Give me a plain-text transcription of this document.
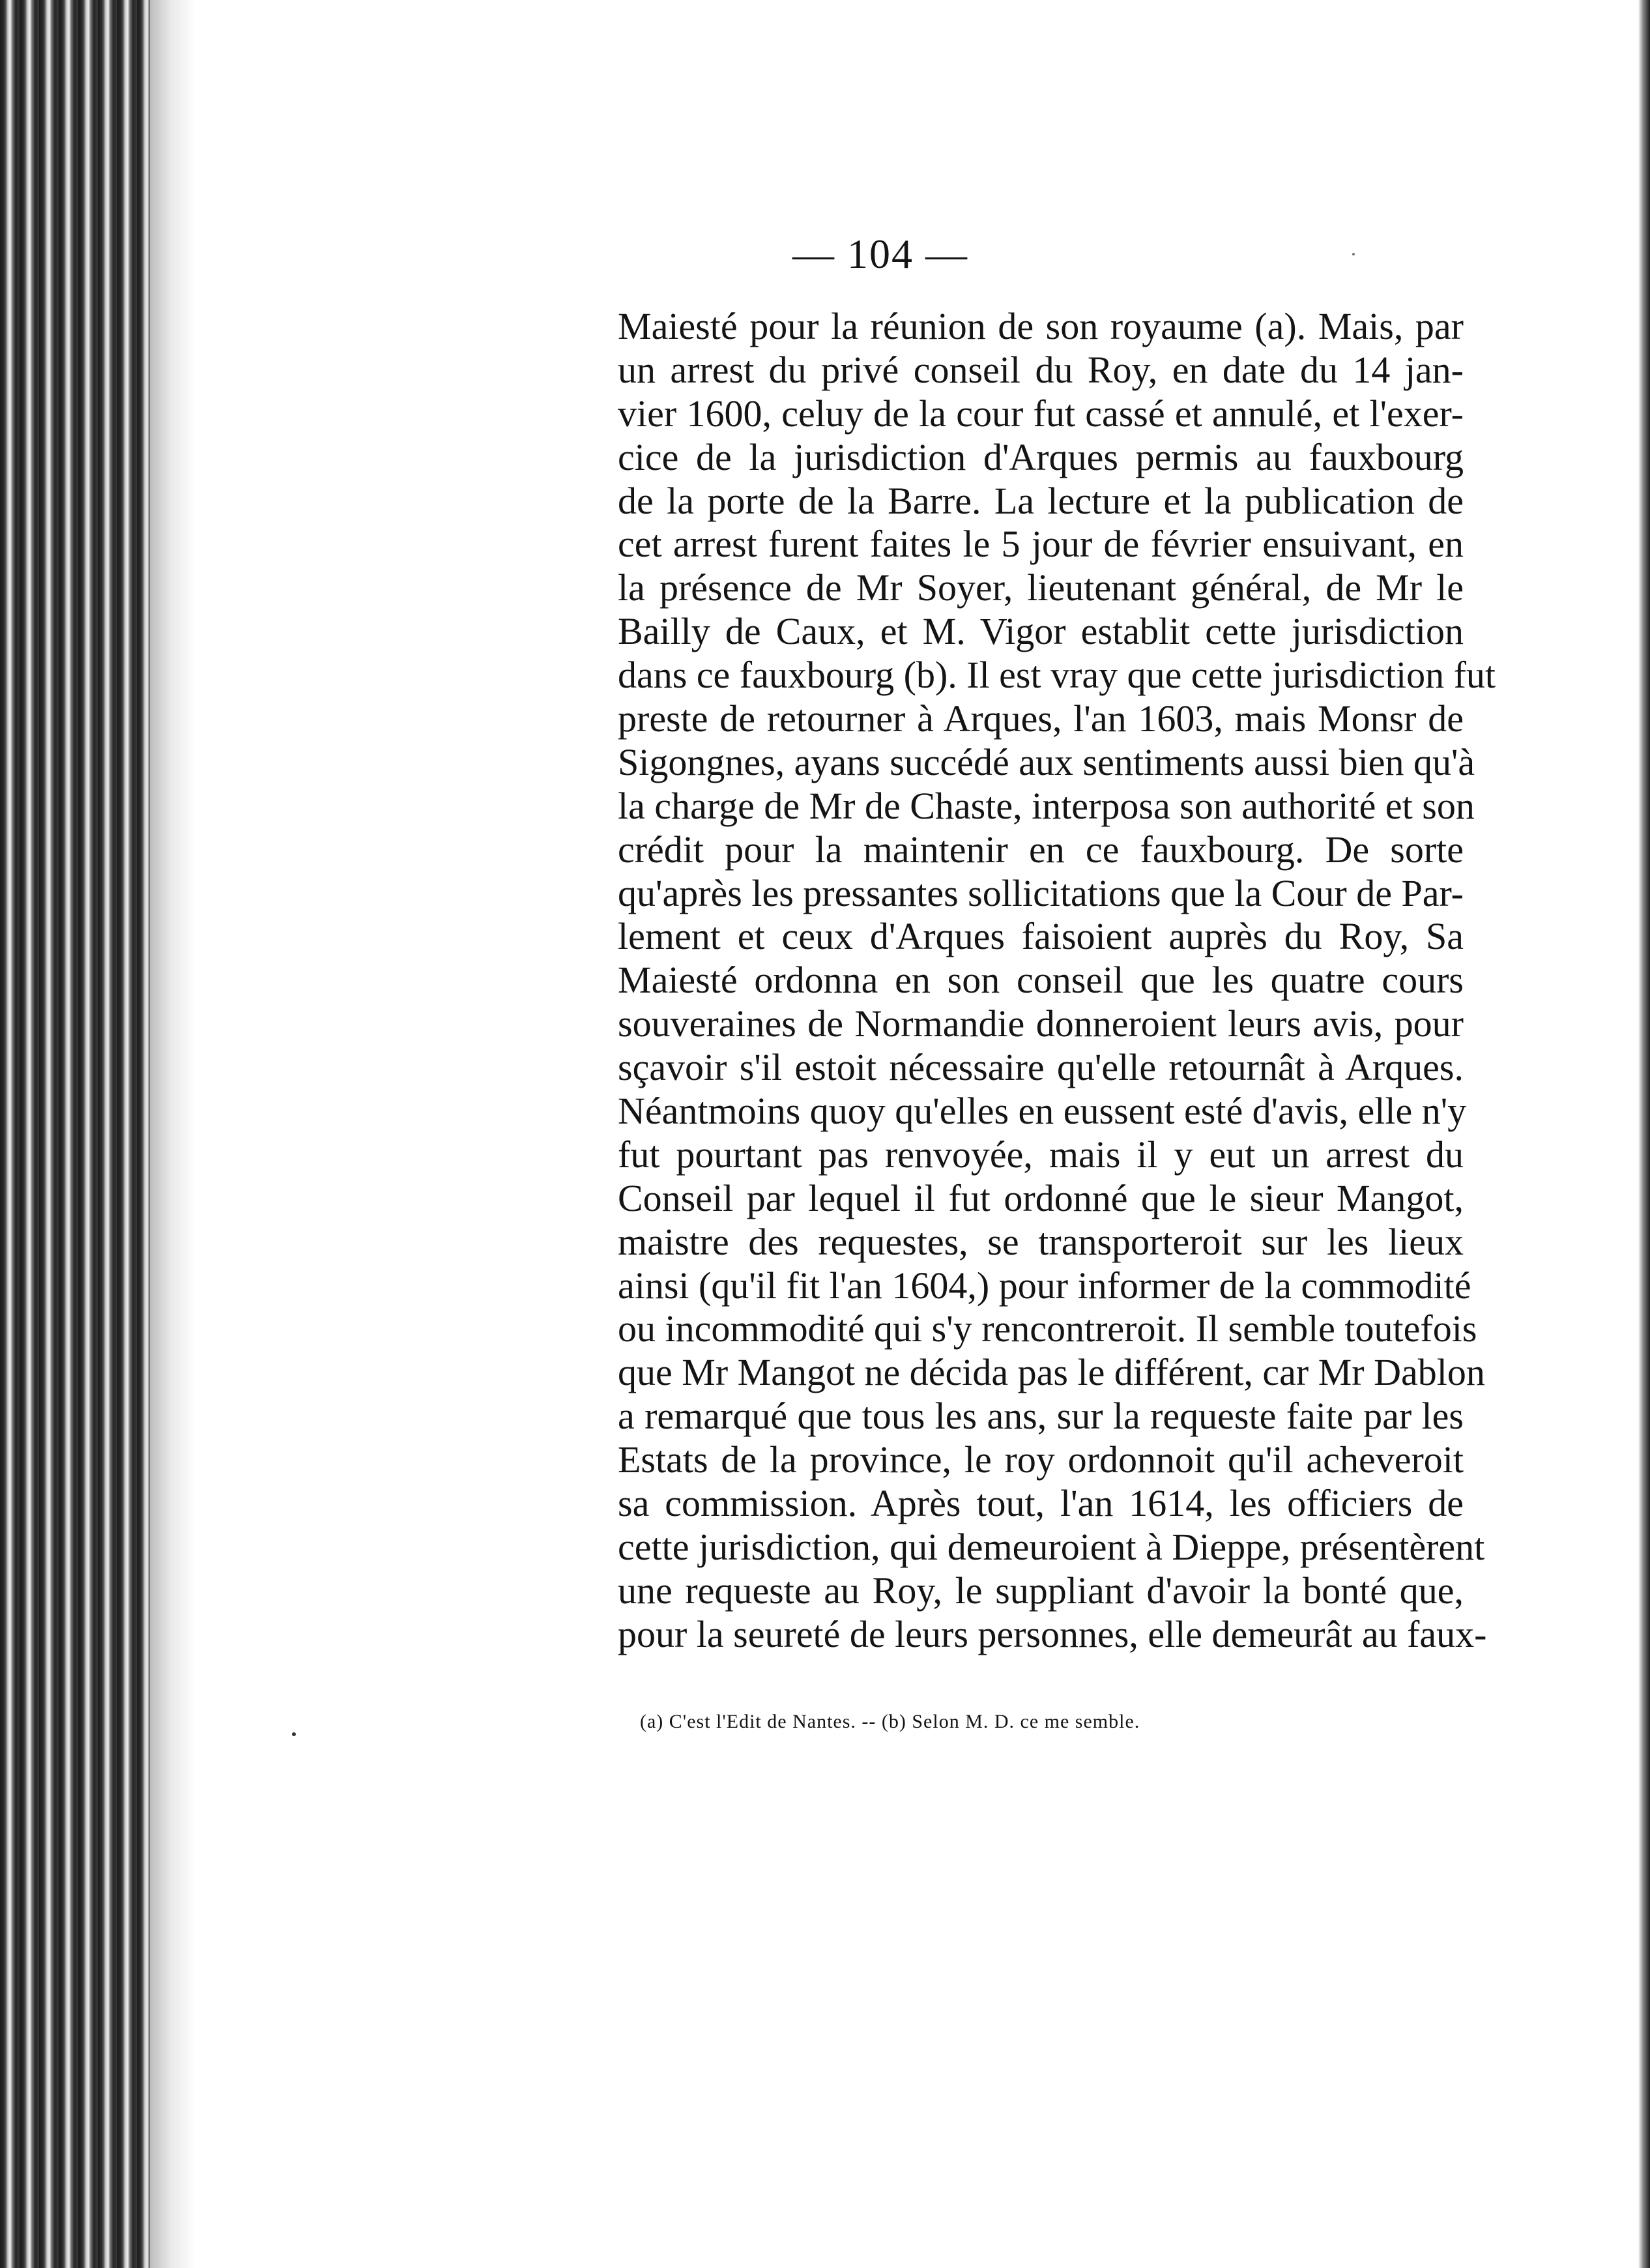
— 104 —
Maiesté pour la réunion de son royaume (a). Mais, par
un arrest du privé conseil du Roy, en date du 14 jan-
vier 1600, celuy de la cour fut cassé et annulé, et l'exer-
cice de la jurisdiction d'Arques permis au fauxbourg
de la porte de la Barre. La lecture et la publication de
cet arrest furent faites le 5 jour de février ensuivant, en
la présence de Mr Soyer, lieutenant général, de Mr le
Bailly de Caux, et M. Vigor establit cette jurisdiction
dans ce fauxbourg (b). Il est vray que cette jurisdiction fut
preste de retourner à Arques, l'an 1603, mais Monsr de
Sigongnes, ayans succédé aux sentiments aussi bien qu'à
la charge de Mr de Chaste, interposa son authorité et son
crédit pour la maintenir en ce fauxbourg. De sorte
qu'après les pressantes sollicitations que la Cour de Par-
lement et ceux d'Arques faisoient auprès du Roy, Sa
Maiesté ordonna en son conseil que les quatre cours
souveraines de Normandie donneroient leurs avis, pour
sçavoir s'il estoit nécessaire qu'elle retournât à Arques.
Néantmoins quoy qu'elles en eussent esté d'avis, elle n'y
fut pourtant pas renvoyée, mais il y eut un arrest du
Conseil par lequel il fut ordonné que le sieur Mangot,
maistre des requestes, se transporteroit sur les lieux
ainsi (qu'il fit l'an 1604,) pour informer de la commodité
ou incommodité qui s'y rencontreroit. Il semble toutefois
que Mr Mangot ne décida pas le différent, car Mr Dablon
a remarqué que tous les ans, sur la requeste faite par les
Estats de la province, le roy ordonnoit qu'il acheveroit
sa commission. Après tout, l'an 1614, les officiers de
cette jurisdiction, qui demeuroient à Dieppe, présentèrent
une requeste au Roy, le suppliant d'avoir la bonté que,
pour la seureté de leurs personnes, elle demeurât au faux-
(a) C'est l'Edit de Nantes. -- (b) Selon M. D. ce me semble.
